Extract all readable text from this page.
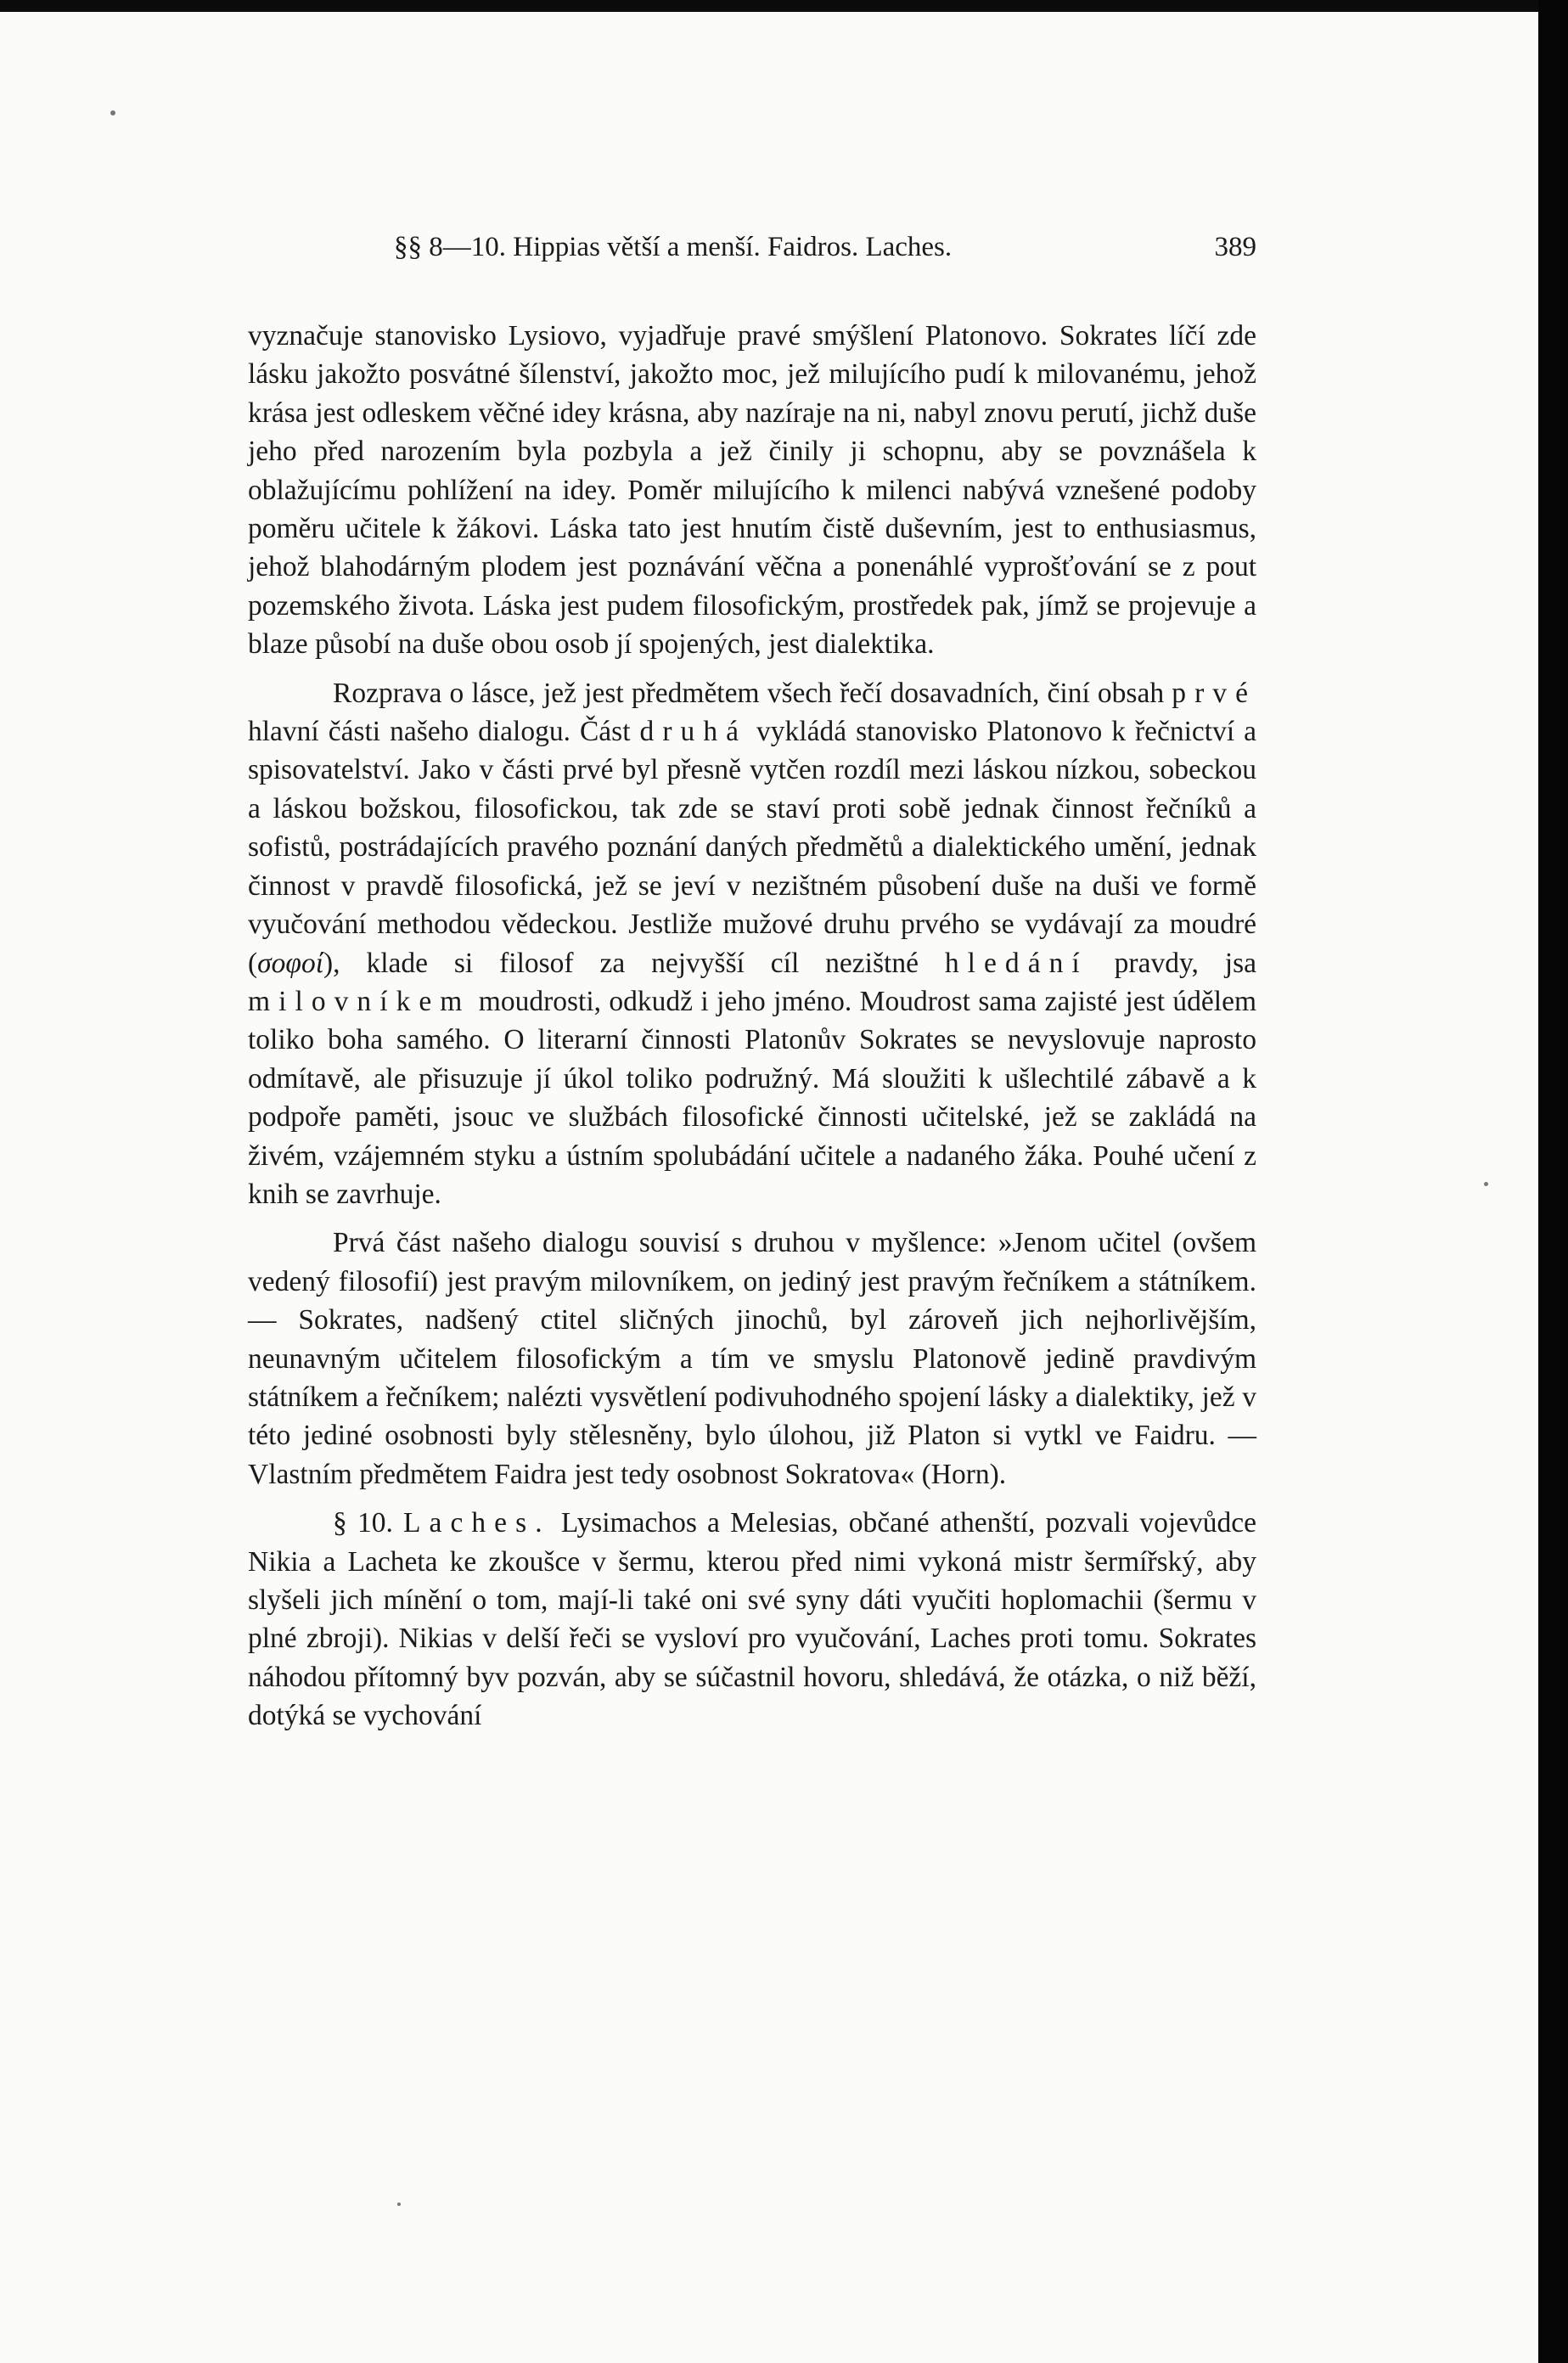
§§ 8—10. Hippias větší a menší. Faidros. Laches.	389

vyznačuje stanovisko Lysiovo, vyjadřuje pravé smýšlení Platonovo. Sokrates líčí zde lásku jakožto posvátné šílenství, jakožto moc, jež milujícího pudí k milovanému, jehož krása jest odleskem věčné idey krásna, aby nazíraje na ni, nabyl znovu perutí, jichž duše jeho před narozením byla pozbyla a jež činily ji schopnu, aby se povznášela k oblažujícímu pohlížení na idey. Poměr milujícího k milenci nabývá vznešené podoby poměru učitele k žákovi. Láska tato jest hnutím čistě duševním, jest to enthusiasmus, jehož blahodárným plodem jest poznávání věčna a ponenáhlé vyprošťování se z pout pozemského života. Láska jest pudem filosofickým, prostředek pak, jímž se projevuje a blaze působí na duše obou osob jí spojených, jest dialektika.

Rozprava o lásce, jež jest předmětem všech řečí dosavadních, činí obsah prvé hlavní části našeho dialogu. Část druhá vykládá stanovisko Platonovo k řečnictví a spisovatelství. Jako v části prvé byl přesně vytčen rozdíl mezi láskou nízkou, sobeckou a láskou božskou, filosofickou, tak zde se staví proti sobě jednak činnost řečníků a sofistů, postrádajících pravého poznání daných předmětů a dialektického umění, jednak činnost v pravdě filosofická, jež se jeví v nezištném působení duše na duši ve formě vyučování methodou vědeckou. Jestliže mužové druhu prvého se vydávají za moudré (σοφοί), klade si filosof za nejvyšší cíl nezištné hledání pravdy, jsa milovníkem moudrosti, odkudž i jeho jméno. Moudrost sama zajisté jest údělem toliko boha samého. O literarní činnosti Platonův Sokrates se nevyslovuje naprosto odmítavě, ale přisuzuje jí úkol toliko podružný. Má sloužiti k ušlechtilé zábavě a k podpoře paměti, jsouc ve službách filosofické činnosti učitelské, jež se zakládá na živém, vzájemném styku a ústním spolubádání učitele a nadaného žáka. Pouhé učení z knih se zavrhuje.

Prvá část našeho dialogu souvisí s druhou v myšlence: »Jenom učitel (ovšem vedený filosofií) jest pravým milovníkem, on jediný jest pravým řečníkem a státníkem. — Sokrates, nadšený ctitel sličných jinochů, byl zároveň jich nejhorlivějším, neunavným učitelem filosofickým a tím ve smyslu Platonově jedině pravdivým státníkem a řečníkem; nalézti vysvětlení podivuhodného spojení lásky a dialektiky, jež v této jediné osobnosti byly stělesněny, bylo úlohou, již Platon si vytkl ve Faidru. — Vlastním předmětem Faidra jest tedy osobnost Sokratova« (Horn).

§ 10. Laches. Lysimachos a Melesias, občané athenští, pozvali vojevůdce Nikia a Lacheta ke zkoušce v šermu, kterou před nimi vykoná mistr šermířský, aby slyšeli jich mínění o tom, mají-li také oni své syny dáti vyučiti hoplomachii (šermu v plné zbroji). Nikias v delší řeči se vysloví pro vyučování, Laches proti tomu. Sokrates náhodou přítomný byv pozván, aby se súčastnil hovoru, shledává, že otázka, o niž běží, dotýká se vychování
